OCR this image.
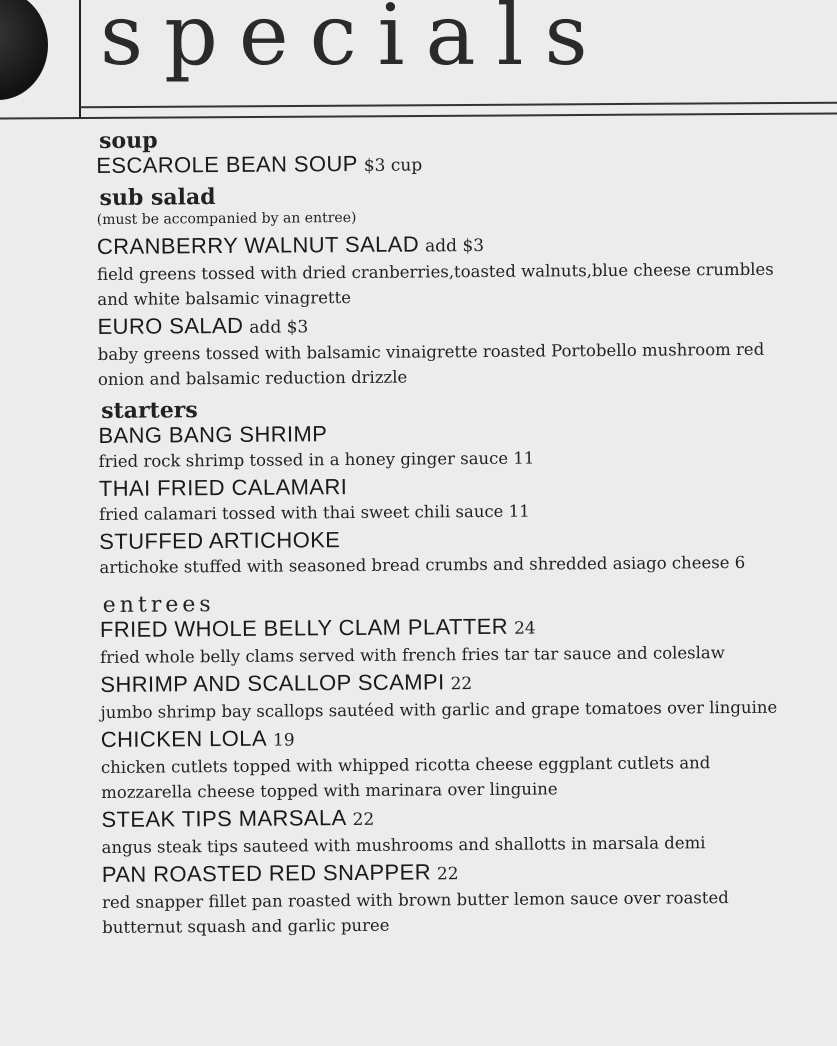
specials

soup

ESCAROLE BEAN SOUP $3 cup

sub salad

(must be accompanied by an entree)

CRANBERRY WALNUT SALAD add $3

field greens tossed with dried cranberries,toasted walnuts,blue cheese crumbles and white balsamic vinagrette

EURO SALAD add $3

baby greens tossed with balsamic vinaigrette roasted Portobello mushroom red onion and balsamic reduction drizzle

starters

BANG BANG SHRIMP

fried rock shrimp tossed in a honey ginger sauce 11

THAI FRIED CALAMARI

fried calamari tossed with thai sweet chili sauce 11

STUFFED ARTICHOKE

artichoke stuffed with seasoned bread crumbs and shredded asiago cheese 6

entrees

FRIED WHOLE BELLY CLAM PLATTER 24

fried whole belly clams served with french fries tar tar sauce and coleslaw

SHRIMP AND SCALLOP SCAMPI 22

jumbo shrimp bay scallops sautéed with garlic and grape tomatoes over linguine

CHICKEN LOLA 19

chicken cutlets topped with whipped ricotta cheese eggplant cutlets and mozzarella cheese topped with marinara over linguine

STEAK TIPS MARSALA 22

angus steak tips sauteed with mushrooms and shallotts in marsala demi

PAN ROASTED RED SNAPPER 22

red snapper fillet pan roasted with brown butter lemon sauce over roasted butternut squash and garlic puree
